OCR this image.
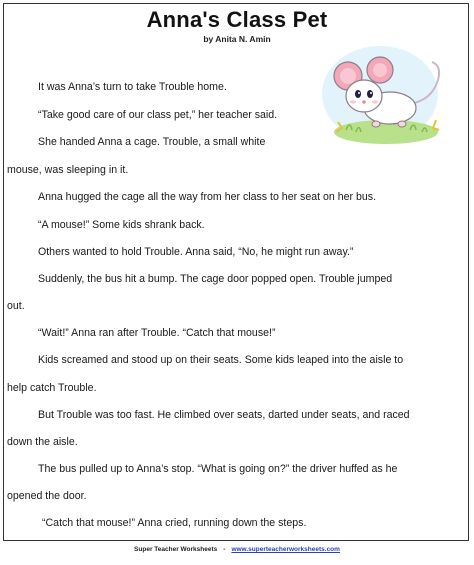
Anna's Class Pet
by Anita N. Amin
It was Anna’s turn to take Trouble home.
“Take good care of our class pet,” her teacher said.
She handed Anna a cage. Trouble, a small white
mouse, was sleeping in it.
Anna hugged the cage all the way from her class to her seat on her bus.
“A mouse!” Some kids shrank back.
Others wanted to hold Trouble. Anna said, “No, he might run away.”
Suddenly, the bus hit a bump. The cage door popped open. Trouble jumped
out.
“Wait!” Anna ran after Trouble. “Catch that mouse!”
Kids screamed and stood up on their seats. Some kids leaped into the aisle to
help catch Trouble.
But Trouble was too fast. He climbed over seats, darted under seats, and raced
down the aisle.
The bus pulled up to Anna’s stop. “What is going on?” the driver huffed as he
opened the door.
“Catch that mouse!” Anna cried, running down the steps.
Super Teacher Worksheets - www.superteacherworksheets.com
